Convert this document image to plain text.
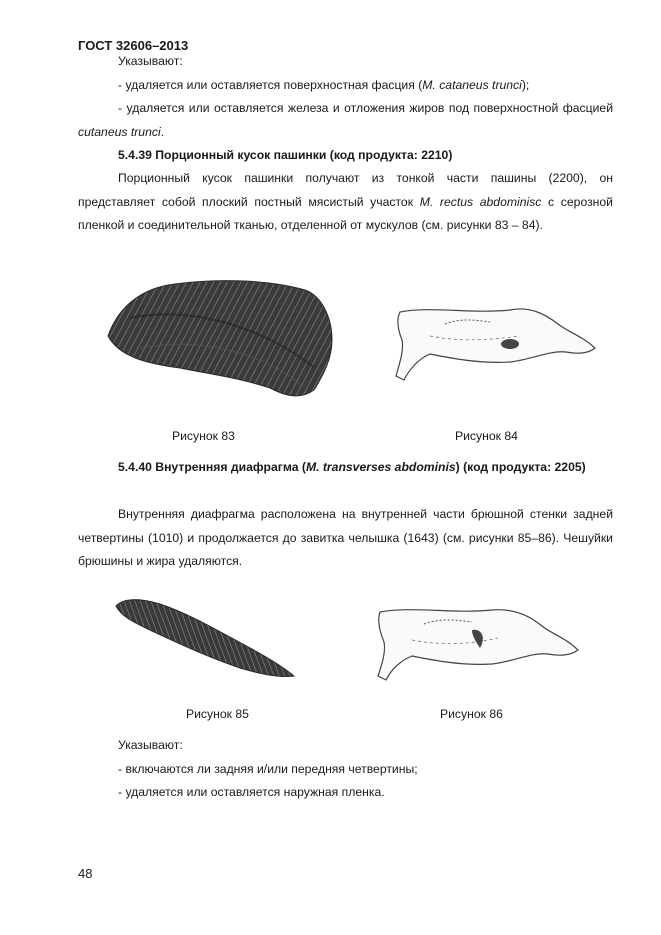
ГОСТ 32606–2013

Указывают:

- удаляется или оставляется поверхностная фасция (M. cataneus trunci);

- удаляется или оставляется железа и отложения жиров под поверхностной фасцией cutaneus trunci.

5.4.39 Порционный кусок пашинки (код продукта: 2210)

Порционный кусок пашинки получают из тонкой части пашины (2200), он представляет собой плоский постный мясистый участок M. rectus abdominisc с серозной пленкой и соединительной тканью, отделенной от мускулов (см. рисунки 83 – 84).

Рисунок 83	Рисунок 84

5.4.40 Внутренняя диафрагма (M. transverses abdominis) (код продукта: 2205)

Внутренняя диафрагма расположена на внутренней части брюшной стенки задней четвертины (1010) и продолжается до завитка челышка (1643) (см. рисунки 85–86). Чешуйки брюшины и жира удаляются.

Рисунок 85	Рисунок 86

Указывают:

- включаются ли задняя и/или передняя четвертины;

- удаляется или оставляется наружная пленка.

48
